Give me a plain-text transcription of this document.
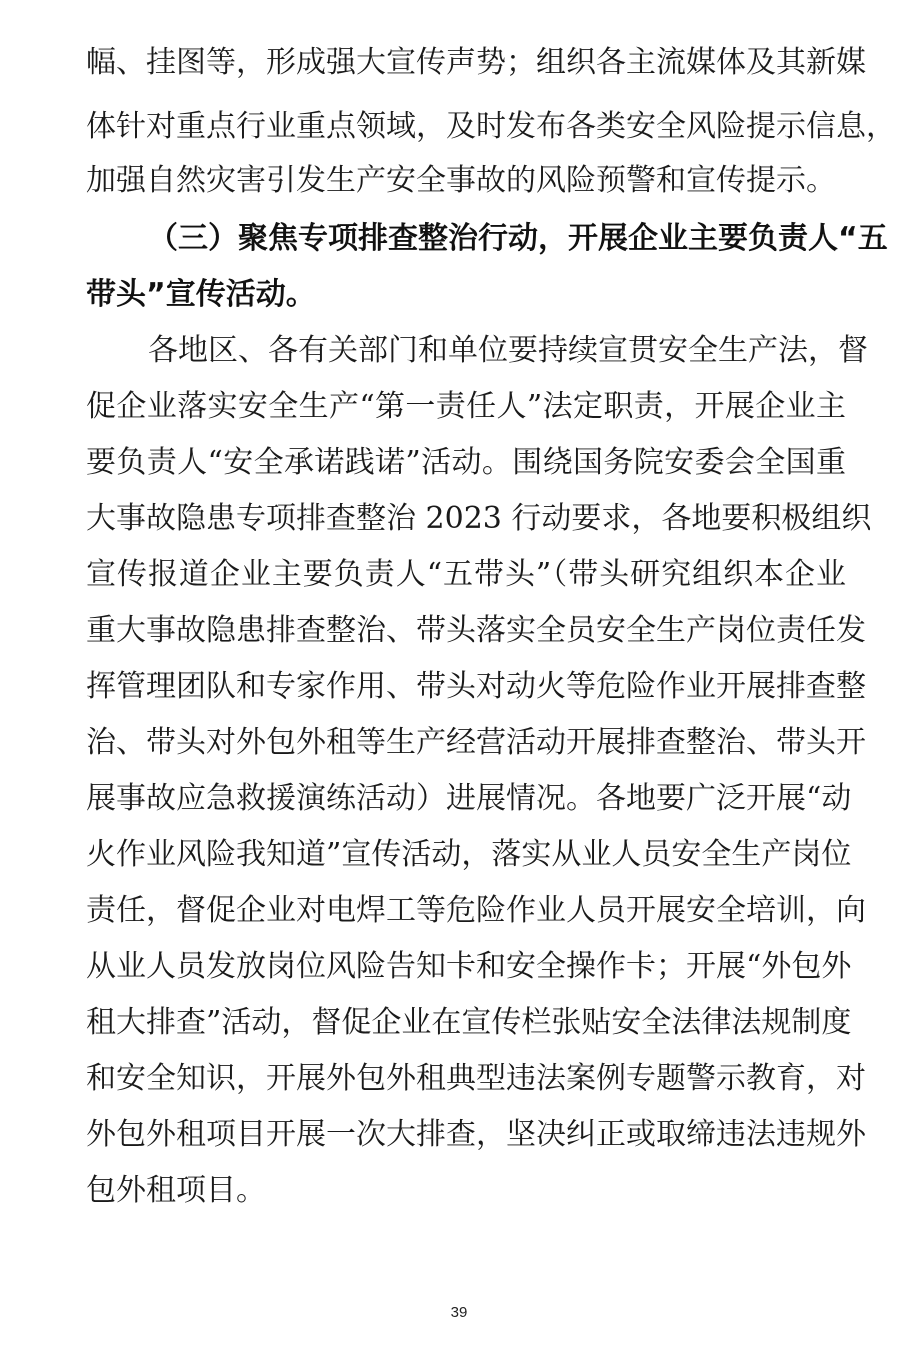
幅、挂图等，形成强大宣传声势；组织各主流媒体及其新媒
体针对重点行业重点领域，及时发布各类安全风险提示信息，
加强自然灾害引发生产安全事故的风险预警和宣传提示。
（三）聚焦专项排查整治行动，开展企业主要负责人“五
带头”宣传活动。
各地区、各有关部门和单位要持续宣贯安全生产法，督
促企业落实安全生产“第一责任人”法定职责，开展企业主
要负责人“安全承诺践诺”活动。围绕国务院安委会全国重
大事故隐患专项排查整治 2023 行动要求，各地要积极组织
宣传报道企业主要负责人“五带头”（带头研究组织本企业
重大事故隐患排查整治、带头落实全员安全生产岗位责任发
挥管理团队和专家作用、带头对动火等危险作业开展排查整
治、带头对外包外租等生产经营活动开展排查整治、带头开
展事故应急救援演练活动）进展情况。各地要广泛开展“动
火作业风险我知道”宣传活动，落实从业人员安全生产岗位
责任，督促企业对电焊工等危险作业人员开展安全培训，向
从业人员发放岗位风险告知卡和安全操作卡；开展“外包外
租大排查”活动，督促企业在宣传栏张贴安全法律法规制度
和安全知识，开展外包外租典型违法案例专题警示教育，对
外包外租项目开展一次大排查，坚决纠正或取缔违法违规外
包外租项目。
39
